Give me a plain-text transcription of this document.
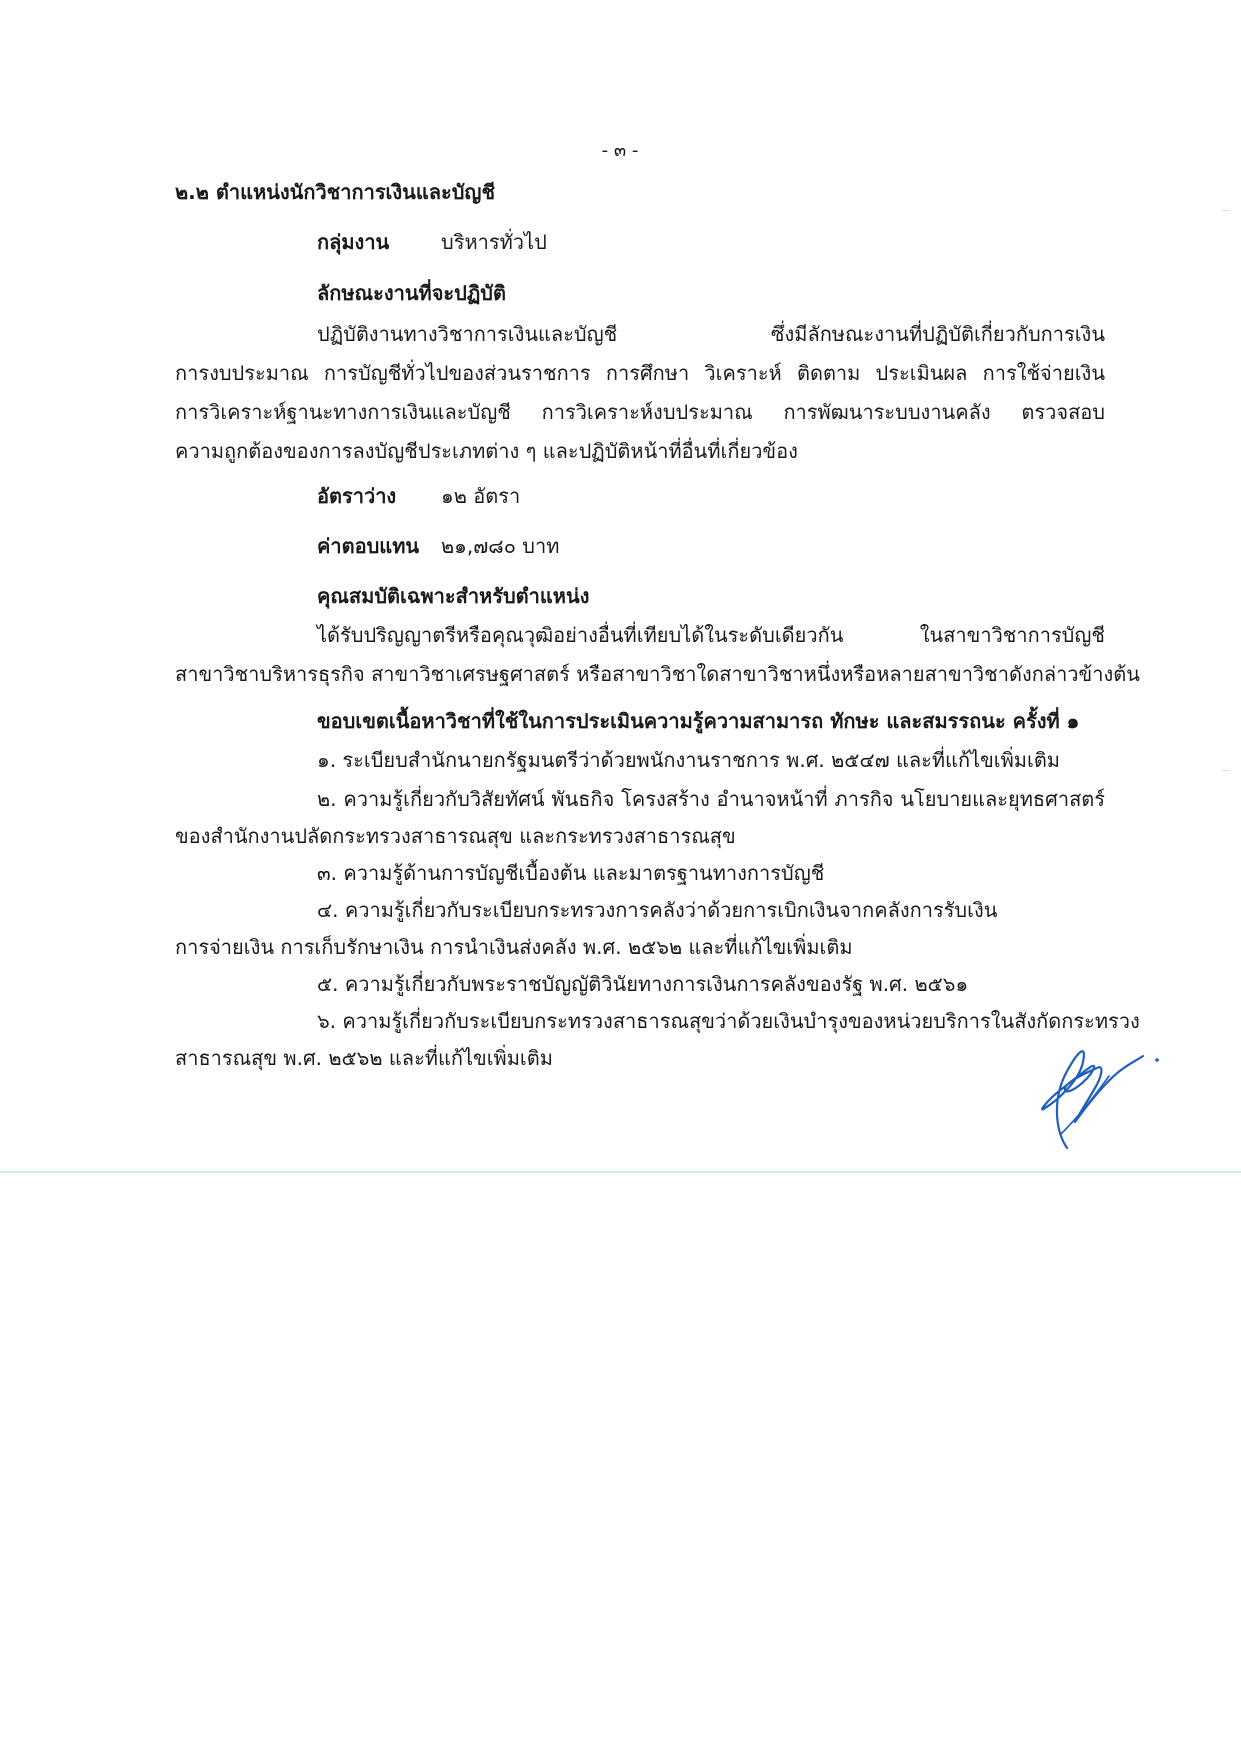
- ๓ -
๒.๒ ตำแหน่งนักวิชาการเงินและบัญชี
กลุ่มงาน	บริหารทั่วไป
ลักษณะงานที่จะปฏิบัติ
ปฏิบัติงานทางวิชาการเงินและบัญชี ซึ่งมีลักษณะงานที่ปฏิบัติเกี่ยวกับการเงิน
การงบประมาณ การบัญชีทั่วไปของส่วนราชการ การศึกษา วิเคราะห์ ติดตาม ประเมินผล การใช้จ่ายเงิน
การวิเคราะห์ฐานะทางการเงินและบัญชี การวิเคราะห์งบประมาณ การพัฒนาระบบงานคลัง ตรวจสอบ
ความถูกต้องของการลงบัญชีประเภทต่าง ๆ และปฏิบัติหน้าที่อื่นที่เกี่ยวข้อง
อัตราว่าง ๑๒ อัตรา
ค่าตอบแทน ๒๑,๗๘๐ บาท
คุณสมบัติเฉพาะสำหรับตำแหน่ง
ได้รับปริญญาตรีหรือคุณวุฒิอย่างอื่นที่เทียบได้ในระดับเดียวกัน ในสาขาวิชาการบัญชี
สาขาวิชาบริหารธุรกิจ สาขาวิชาเศรษฐศาสตร์ หรือสาขาวิชาใดสาขาวิชาหนึ่งหรือหลายสาขาวิชาดังกล่าวข้างต้น
ขอบเขตเนื้อหาวิชาที่ใช้ในการประเมินความรู้ความสามารถ ทักษะ และสมรรถนะ ครั้งที่ ๑
๑. ระเบียบสำนักนายกรัฐมนตรีว่าด้วยพนักงานราชการ พ.ศ. ๒๕๔๗ และที่แก้ไขเพิ่มเติม
๒. ความรู้เกี่ยวกับวิสัยทัศน์ พันธกิจ โครงสร้าง อำนาจหน้าที่ ภารกิจ นโยบายและยุทธศาสตร์
ของสำนักงานปลัดกระทรวงสาธารณสุข และกระทรวงสาธารณสุข
๓. ความรู้ด้านการบัญชีเบื้องต้น และมาตรฐานทางการบัญชี
๔. ความรู้เกี่ยวกับระเบียบกระทรวงการคลังว่าด้วยการเบิกเงินจากคลังการรับเงิน
การจ่ายเงิน การเก็บรักษาเงิน การนำเงินส่งคลัง พ.ศ. ๒๕๖๒ และที่แก้ไขเพิ่มเติม
๕. ความรู้เกี่ยวกับพระราชบัญญัติวินัยทางการเงินการคลังของรัฐ พ.ศ. ๒๕๖๑
๖. ความรู้เกี่ยวกับระเบียบกระทรวงสาธารณสุขว่าด้วยเงินบำรุงของหน่วยบริการในสังกัดกระทรวง
สาธารณสุข พ.ศ. ๒๕๖๒ และที่แก้ไขเพิ่มเติม
